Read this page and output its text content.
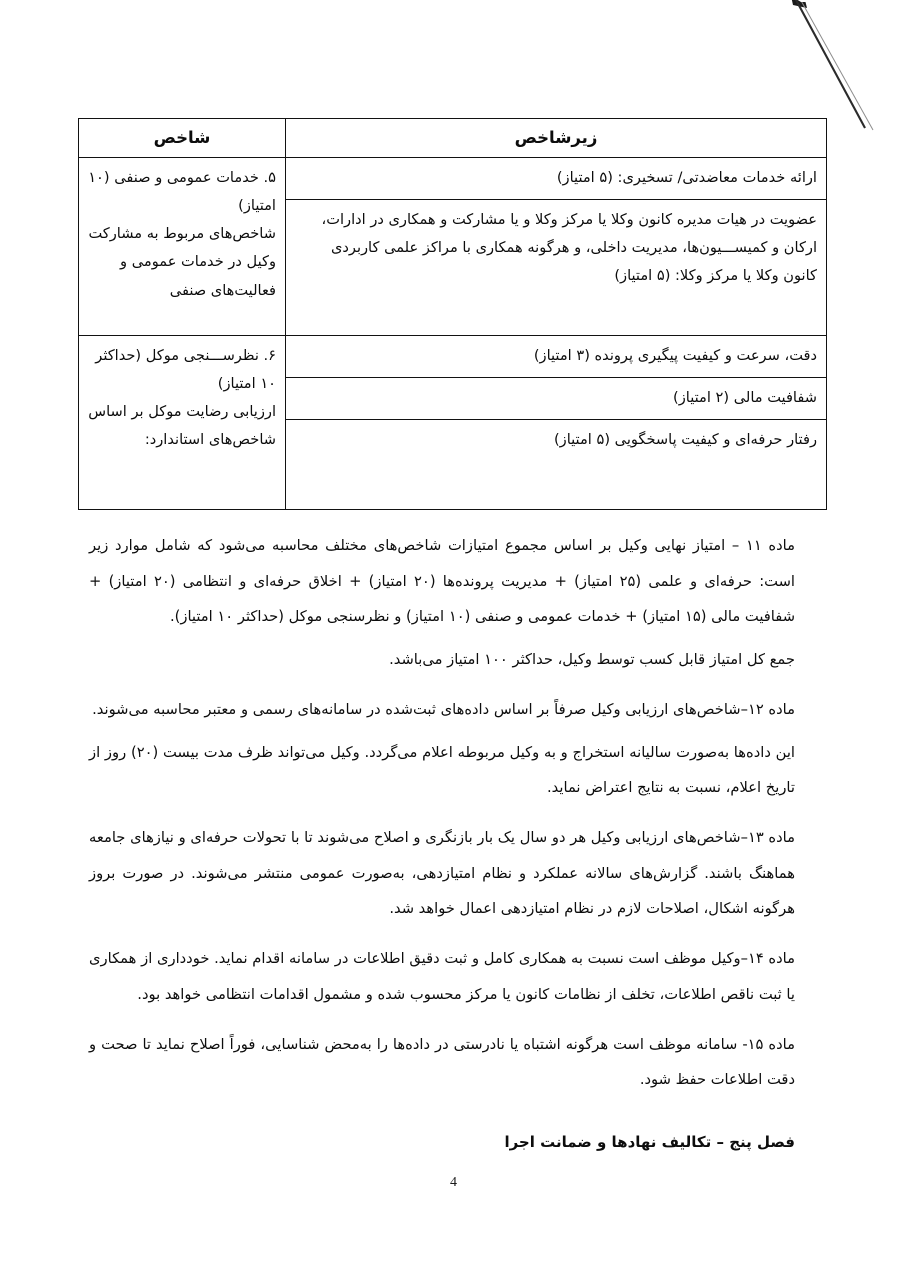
زیرشاخص	شاخص
ارائه خدمات معاضدتی/ تسخیری: (۵ امتیاز)	۵. خدمات عمومی و صنفی (۱۰ امتیاز)
شاخص‌های مربوط به مشارکت وکیل در خدمات عمومی و فعالیت‌های صنفی

عضویت در هیات مدیره کانون وکلا یا مرکز وکلا و یا مشارکت و همکاری در ادارات، ارکان و کمیســـیون‌ها، مدیریت داخلی، و هرگونه همکاری با مراکز علمی کاربردی کانون وکلا یا مرکز وکلا: (۵ امتیاز)	
دقت، سرعت و کیفیت پیگیری پرونده (۳ امتیاز)	۶. نظرســـنجی موکل (حداکثر ۱۰ امتیاز)
ارزیابی رضایت موکل بر اساس شاخص‌های استاندارد:

شفافیت مالی (۲ امتیاز)	
رفتار حرفه‌ای و کیفیت پاسخگویی (۵ امتیاز)	

ماده ۱۱ – امتیاز نهایی وکیل بر اساس مجموع امتیازات شاخص‌های مختلف محاسبه می‌شود که شامل موارد زیر است: حرفه‌ای و علمی (۲۵ امتیاز) + مدیریت پرونده‌ها (۲۰ امتیاز) + اخلاق حرفه‌ای و انتظامی (۲۰ امتیاز) + شفافیت مالی (۱۵ امتیاز) + خدمات عمومی و صنفی (۱۰ امتیاز) و نظرسنجی موکل (حداکثر ۱۰ امتیاز).

جمع کل امتیاز قابل کسب توسط وکیل، حداکثر ۱۰۰ امتیاز می‌باشد.

ماده ۱۲–شاخص‌های ارزیابی وکیل صرفاً بر اساس داده‌های ثبت‌شده در سامانه‌های رسمی و معتبر محاسبه می‌شوند.

این داده‌ها به‌صورت سالیانه استخراج و به وکیل مربوطه اعلام می‌گردد. وکیل می‌تواند ظرف مدت بیست (۲۰) روز از تاریخ اعلام، نسبت به نتایج اعتراض نماید.

ماده ۱۳–شاخص‌های ارزیابی وکیل هر دو سال یک بار بازنگری و اصلاح می‌شوند تا با تحولات حرفه‌ای و نیازهای جامعه هماهنگ باشند. گزارش‌های سالانه عملکرد و نظام امتیازدهی، به‌صورت عمومی منتشر می‌شوند. در صورت بروز هرگونه اشکال، اصلاحات لازم در نظام امتیازدهی اعمال خواهد شد.

ماده ۱۴–وکیل موظف است نسبت به همکاری کامل و ثبت دقیق اطلاعات در سامانه اقدام نماید. خودداری از همکاری یا ثبت ناقص اطلاعات، تخلف از نظامات کانون یا مرکز محسوب شده و مشمول اقدامات انتظامی خواهد بود.

ماده ۱۵- سامانه موظف است هرگونه اشتباه یا نادرستی در داده‌ها را به‌محض شناسایی، فوراً اصلاح نماید تا صحت و دقت اطلاعات حفظ شود.

فصل پنج – تکالیف نهادها و ضمانت اجرا

4
